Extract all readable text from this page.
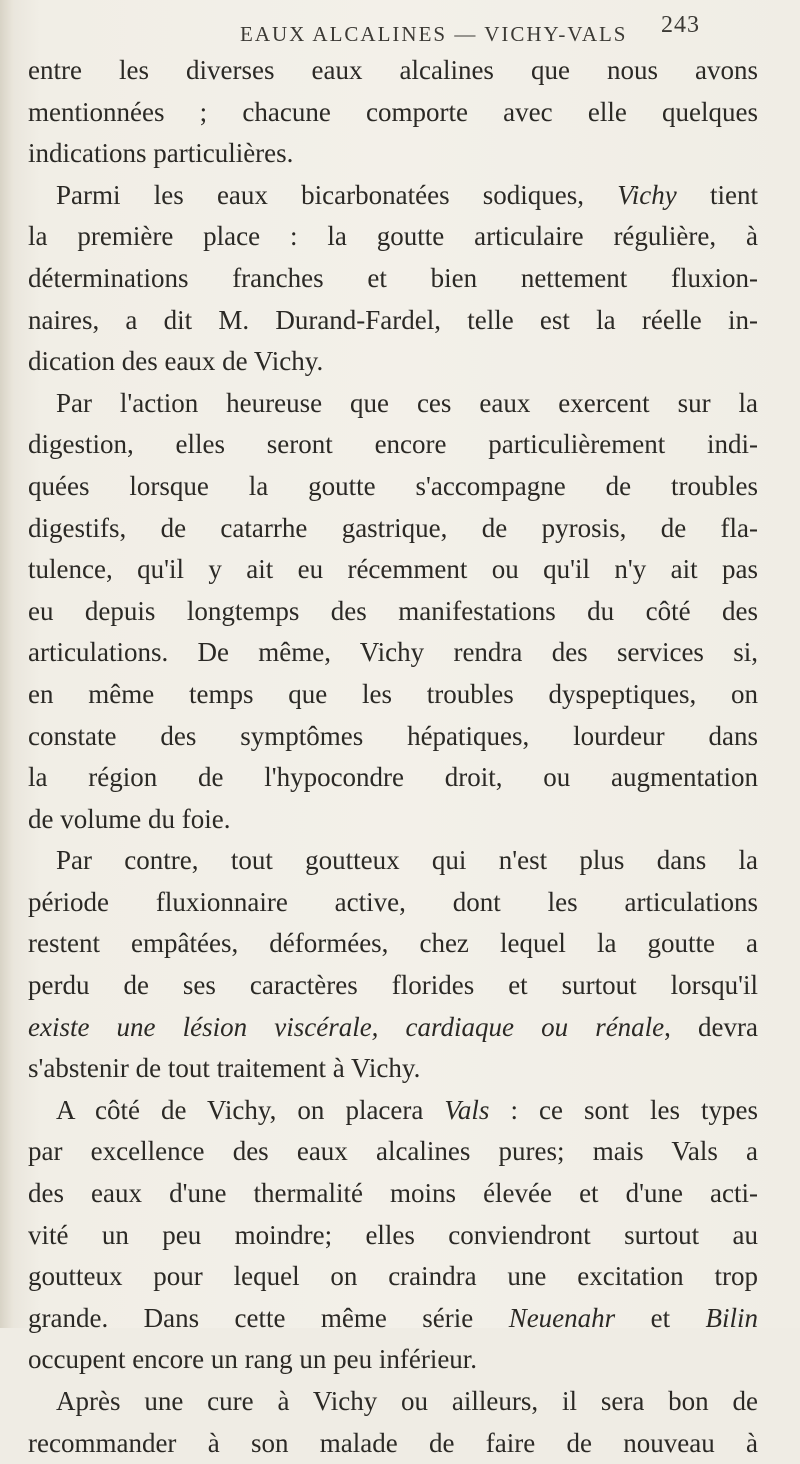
EAUX ALCALINES — VICHY-VALS 243
entre les diverses eaux alcalines que nous avons
mentionnées ; chacune comporte avec elle quelques
indications particulières.
Parmi les eaux bicarbonatées sodiques, Vichy tient
la première place : la goutte articulaire régulière, à
déterminations franches et bien nettement fluxion-
naires, a dit M. Durand-Fardel, telle est la réelle in-
dication des eaux de Vichy.
Par l'action heureuse que ces eaux exercent sur la
digestion, elles seront encore particulièrement indi-
quées lorsque la goutte s'accompagne de troubles
digestifs, de catarrhe gastrique, de pyrosis, de fla-
tulence, qu'il y ait eu récemment ou qu'il n'y ait pas
eu depuis longtemps des manifestations du côté des
articulations. De même, Vichy rendra des services si,
en même temps que les troubles dyspeptiques, on
constate des symptômes hépatiques, lourdeur dans
la région de l'hypocondre droit, ou augmentation
de volume du foie.
Par contre, tout goutteux qui n'est plus dans la
période fluxionnaire active, dont les articulations
restent empâtées, déformées, chez lequel la goutte a
perdu de ses caractères florides et surtout lorsqu'il
existe une lésion viscérale, cardiaque ou rénale, devra
s'abstenir de tout traitement à Vichy.
A côté de Vichy, on placera Vals : ce sont les types
par excellence des eaux alcalines pures; mais Vals a
des eaux d'une thermalité moins élevée et d'une acti-
vité un peu moindre; elles conviendront surtout au
goutteux pour lequel on craindra une excitation trop
grande. Dans cette même série Neuenahr et Bilin
occupent encore un rang un peu inférieur.
Après une cure à Vichy ou ailleurs, il sera bon de
recommander à son malade de faire de nouveau à
